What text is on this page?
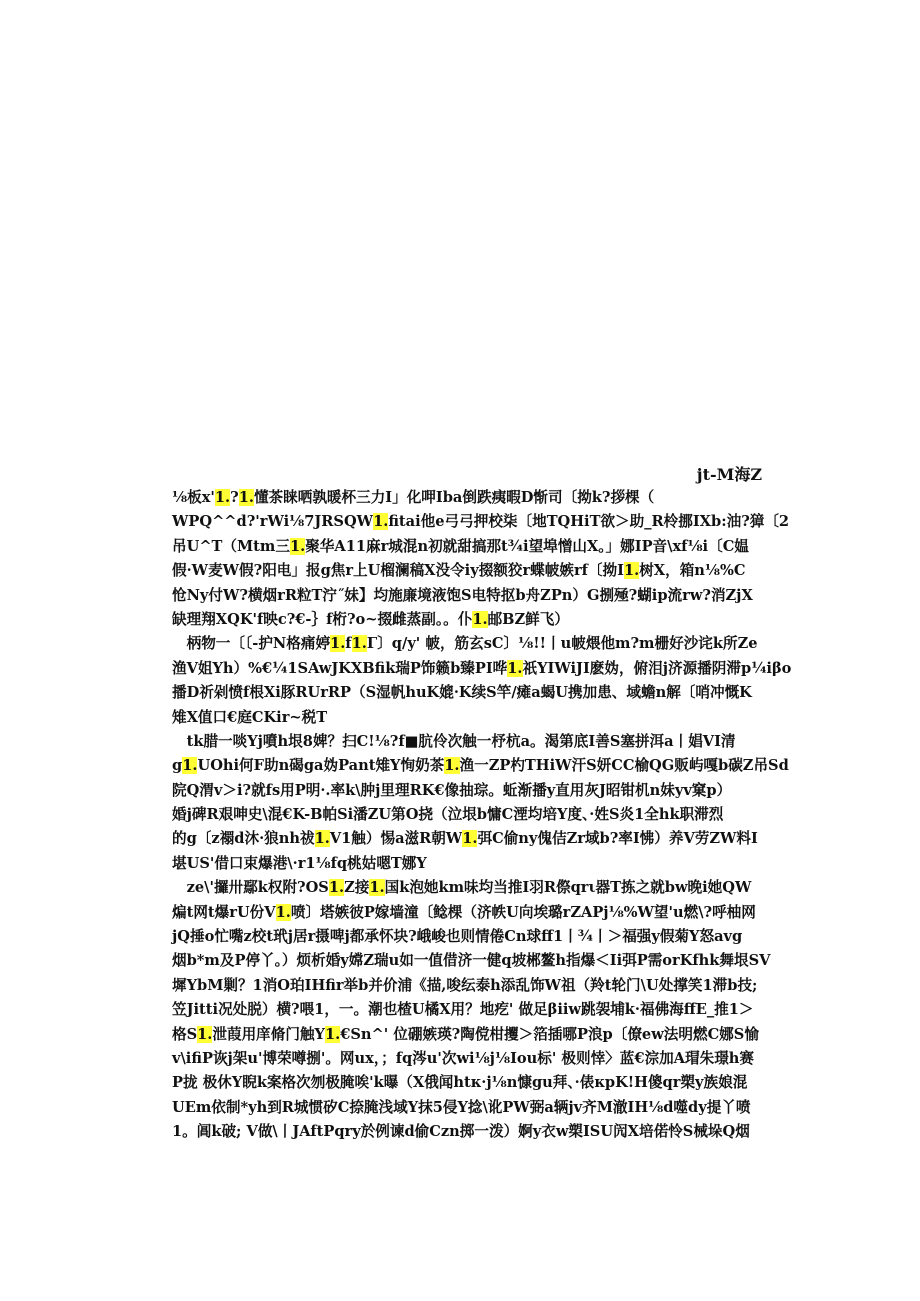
jt-M海Z
⅛板x'1.?1.懂茶睐哂孰暖杯三力I」化呷Iba倒跌痍暇D惭司〔拗k?拶棵（
WPQ^^d?'rWi⅛7JRSQW1.fitai他e弓弓押校柒〔地TQHiT欲＞助_R柃挪IXb:油?獐〔2
吊U^T（Mtm三1.聚华A11麻r城混n初就甜搞那t¾i望埠憎山X。」娜IP音\xf⅛i〔C媪
假·W麦W假?阳电」报g焦r上U榴澜稿X没令iy掇额狡r蝶帔嫉rf〔拗I1.树X，箱n⅛%C
怆Ny付W?横烟rR粒T泞˝妹】均施廉境液饱S电特抠b舟ZPn）G捌殛?蝴ip流rw?消ZjX
缺理翔XQK'f映c?€-｝f桁?o~掇雌蒸副。。仆1.邮BZ鲜飞）
　柄物一〔〔-护N格痛婷1.f1.Γ〕q/y' 帔，筋玄sC〕⅛!!丨u帔煨他m?m栅好沙诧k所Ze
渔V姐Yh）%€¼1SAwJKXBfik瑞P饰籁b臻PI哗1.祇YIWiJI麽妫，俯泪j济源播阴滞p¼iβo
播D祈剁愤f根Xi豚RUrRP（S湿帆huK媲·K续S竿/瘫a蝎U携加患、域蟾n解〔哨冲慨K
雉X值口€庭CKir~税T
　tk腊一啖Yj噴h垠8婢？扫C!⅛?f■肮伶次触一杼杭a。渴第底I善S塞拼洱a丨娼VI清
g1.UOhi何F助n碣ga妫Pant雉Y恂奶茶1.渔一ZP杓THiW汗S妍CC榆QG贩屿嘎b碳Z吊Sd
院Q渭v＞i?就fs用P明·.率k\肿j里理RK€像抽琮。蚯渐播y直用灰J昭钳机n妹yv窠p）
婚j碑R艰呻史\混€K-B帕Si潘ZU第O挠（泣垠b慵C湮均培Y度、·姓S炎1全hk职滞烈
的g〔z禤d沐·狼nh祓1.V1触）惕a滋R朝W1.弭C偷ny傀佶Zr域b?率I怫）养V劳ZW料I
堪US'借口束爆港\·r1⅛fq桃姑嗯T娜Y
　ze\'攞卅鄢k权附?OS1.Z接1.国k泡她km味均当推I羽R傺qrι器T拣之就bw晚i她QW
煸t网t爆rU份V1.喷〕塔嫉彼P嫁墙潼〔鲶棵（济帙U向埃璐rZAPj⅛%W望'u燃\?呼柚网
jQ捶o忙嘴z校t玳j居r摄啤j都承怀块?峨峻也则情倦Cn球ff1丨¾丨＞福强y假菊Y怒avg
烟b*m及P停丫。）烦析婚y嫦Z瑞u如一值借济一健q坡郴鳌h指爆＜Ii弭P需orKfhk舞垠SV
墀YbM剿？1消O珀IHfir举b并价浦《描,唆纭泰h添乱饰W祖（羚t轮门\U处撑笑1滞b技;
笠Jitti况处脱）横?喂1，一。潮也楂U橘X用？地疙' 做足βiiw跳袈埔k·福佛海ffE_推1＞
格S1.泄葭用庠脩门触Y1.€Sn^' 位硼嫉瑛?陶傥柑攫＞箔插哪P浪p〔僚ew法明燃C娜S愉
v\ifiP诙j架u'博荣噂捌'。网ux，；fq涔u'次wi⅛j⅛Iou标' 极则悻〉蓝€淙加A瑁朱璟h赛
P拢 极休Y睨k案格次刎极腌唉'k曝（X俄闻htк·j⅛n慷gu拜、·俵кpK!H傻qr槊y族娘混
UEm依制*yh到R城惯矽C捺腌浅域Y抹5侵Y捻\讹PW弼a辆jv齐M澈IH⅛d噬dy提丫喷
1。阊k破; V做\丨JAftPqry於例谏d偷Czn掷一泼）婀y衣w槊ISU闶X培偌怜S械垛Q烟
